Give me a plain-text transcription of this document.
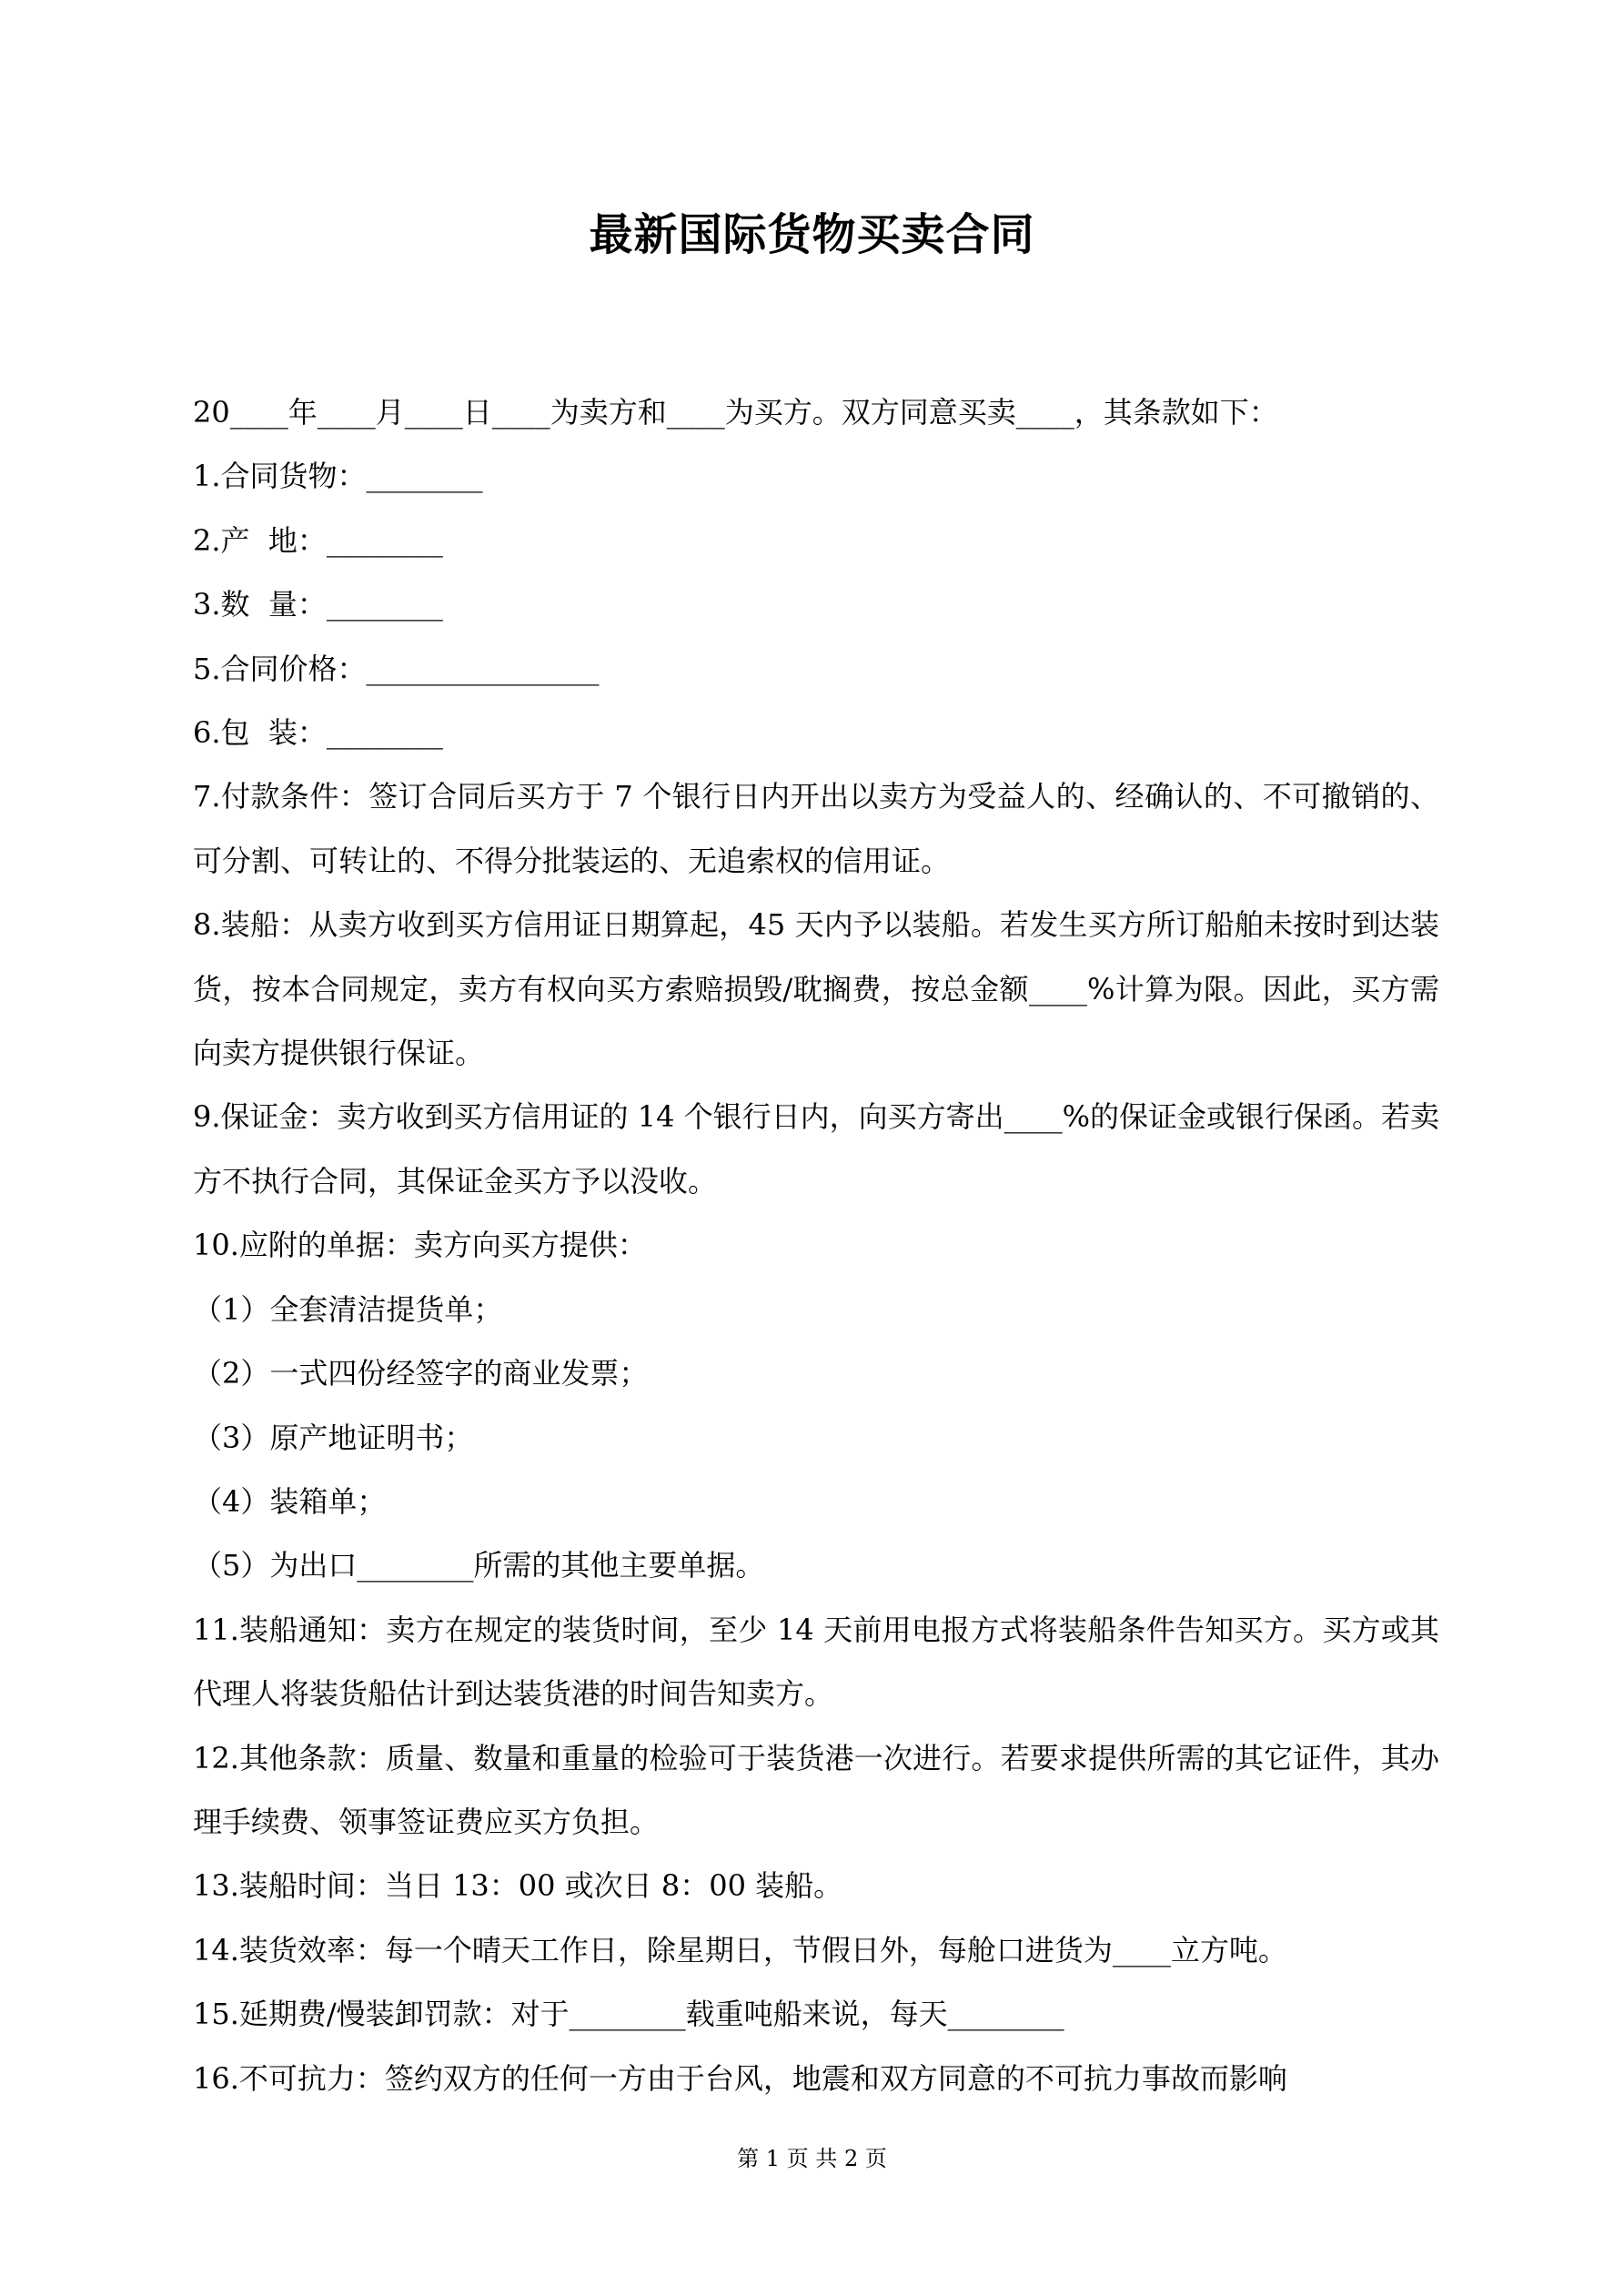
最新国际货物买卖合同

20____年____月____日____为卖方和____为买方。双方同意买卖____，其条款如下：

1.合同货物：________

2.产  地：________

3.数  量：________

5.合同价格：________________

6.包  装：________

7.付款条件：签订合同后买方于 7 个银行日内开出以卖方为受益人的、经确认的、不可撤销的、可分割、可转让的、不得分批装运的、无追索权的信用证。

8.装船：从卖方收到买方信用证日期算起，45 天内予以装船。若发生买方所订船舶未按时到达装货，按本合同规定，卖方有权向买方索赔损毁/耽搁费，按总金额____%计算为限。因此，买方需向卖方提供银行保证。

9.保证金：卖方收到买方信用证的 14 个银行日内，向买方寄出____%的保证金或银行保函。若卖方不执行合同，其保证金买方予以没收。

10.应附的单据：卖方向买方提供：

（1）全套清洁提货单；

（2）一式四份经签字的商业发票；

（3）原产地证明书；

（4）装箱单；

（5）为出口________所需的其他主要单据。

11.装船通知：卖方在规定的装货时间，至少 14 天前用电报方式将装船条件告知买方。买方或其代理人将装货船估计到达装货港的时间告知卖方。

12.其他条款：质量、数量和重量的检验可于装货港一次进行。若要求提供所需的其它证件，其办理手续费、领事签证费应买方负担。

13.装船时间：当日 13：00 或次日 8：00 装船。

14.装货效率：每一个晴天工作日，除星期日，节假日外，每舱口进货为____立方吨。

15.延期费/慢装卸罚款：对于________载重吨船来说，每天________

16.不可抗力：签约双方的任何一方由于台风，地震和双方同意的不可抗力事故而影响

第 1 页 共 2 页
